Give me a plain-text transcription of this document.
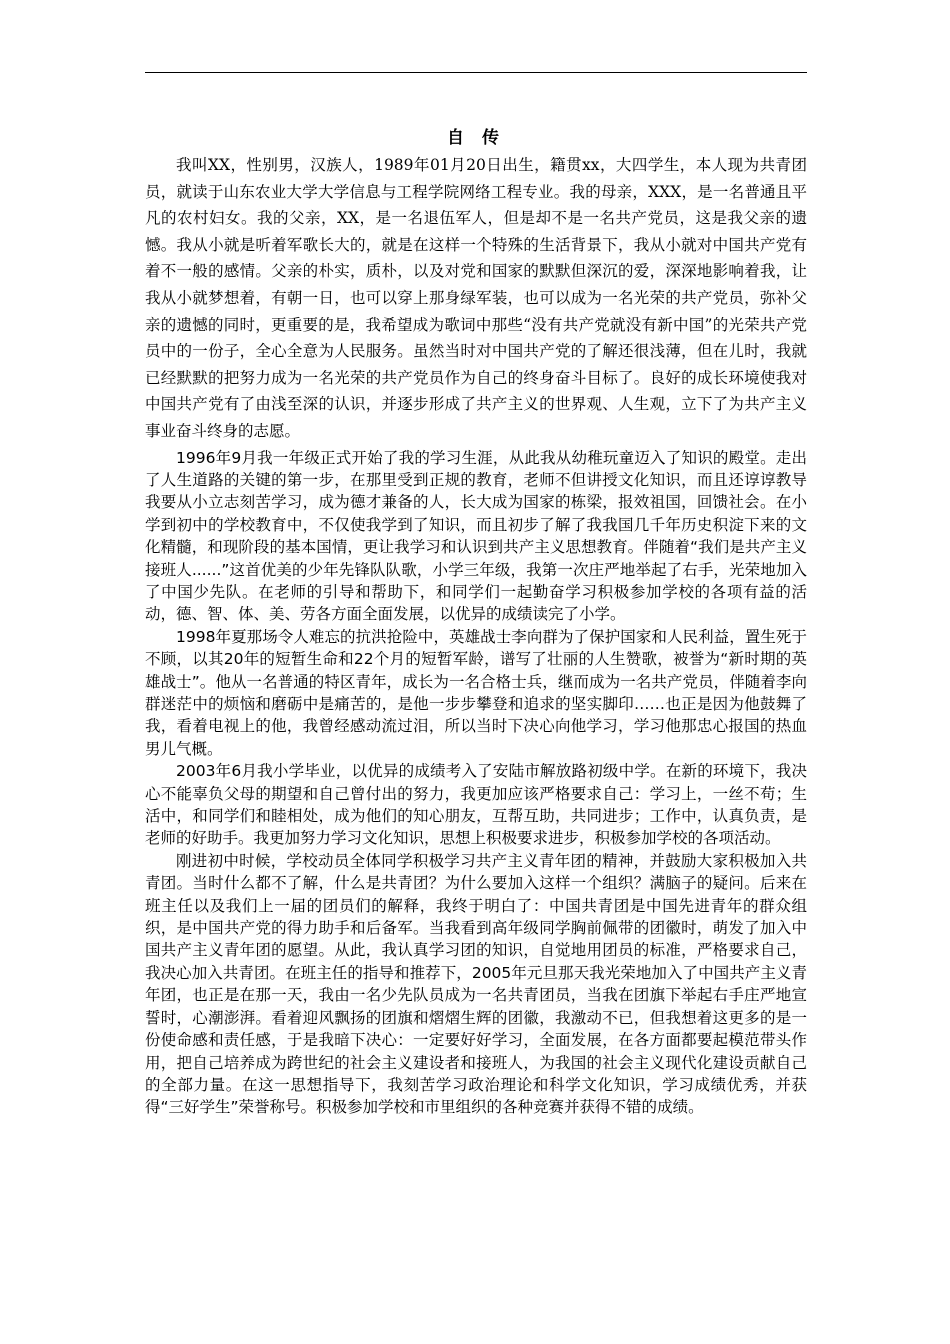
自 传

我叫XX，性别男，汉族人，1989年01月20日出生，籍贯xx，大四学生，本人现为共青团员，就读于山东农业大学大学信息与工程学院网络工程专业。我的母亲，XXX，是一名普通且平凡的农村妇女。我的父亲，XX，是一名退伍军人，但是却不是一名共产党员，这是我父亲的遗憾。我从小就是听着军歌长大的，就是在这样一个特殊的生活背景下，我从小就对中国共产党有着不一般的感情。父亲的朴实，质朴，以及对党和国家的默默但深沉的爱，深深地影响着我，让我从小就梦想着，有朝一日，也可以穿上那身绿军装，也可以成为一名光荣的共产党员，弥补父亲的遗憾的同时，更重要的是，我希望成为歌词中那些“没有共产党就没有新中国”的光荣共产党员中的一份子，全心全意为人民服务。虽然当时对中国共产党的了解还很浅薄，但在儿时，我就已经默默的把努力成为一名光荣的共产党员作为自己的终身奋斗目标了。良好的成长环境使我对中国共产党有了由浅至深的认识，并逐步形成了共产主义的世界观、人生观，立下了为共产主义事业奋斗终身的志愿。

1996年9月我一年级正式开始了我的学习生涯，从此我从幼稚玩童迈入了知识的殿堂。走出了人生道路的关键的第一步，在那里受到正规的教育，老师不但讲授文化知识，而且还谆谆教导我要从小立志刻苦学习，成为德才兼备的人，长大成为国家的栋梁，报效祖国，回馈社会。在小学到初中的学校教育中，不仅使我学到了知识，而且初步了解了我我国几千年历史积淀下来的文化精髓，和现阶段的基本国情，更让我学习和认识到共产主义思想教育。伴随着“我们是共产主义接班人......”这首优美的少年先锋队队歌，小学三年级，我第一次庄严地举起了右手，光荣地加入了中国少先队。在老师的引导和帮助下，和同学们一起勤奋学习积极参加学校的各项有益的活动，德、智、体、美、劳各方面全面发展，以优异的成绩读完了小学。

1998年夏那场令人难忘的抗洪抢险中，英雄战士李向群为了保护国家和人民利益，置生死于不顾，以其20年的短暂生命和22个月的短暂军龄，谱写了壮丽的人生赞歌，被誉为“新时期的英雄战士”。他从一名普通的特区青年，成长为一名合格士兵，继而成为一名共产党员，伴随着李向群迷茫中的烦恼和磨砺中是痛苦的，是他一步步攀登和追求的坚实脚印……也正是因为他鼓舞了我，看着电视上的他，我曾经感动流过泪，所以当时下决心向他学习，学习他那忠心报国的热血男儿气概。

2003年6月我小学毕业，以优异的成绩考入了安陆市解放路初级中学。在新的环境下，我决心不能辜负父母的期望和自己曾付出的努力，我更加应该严格要求自己：学习上，一丝不苟；生活中，和同学们和睦相处，成为他们的知心朋友，互帮互助，共同进步；工作中，认真负责，是老师的好助手。我更加努力学习文化知识，思想上积极要求进步，积极参加学校的各项活动。

刚进初中时候，学校动员全体同学积极学习共产主义青年团的精神，并鼓励大家积极加入共青团。当时什么都不了解，什么是共青团？为什么要加入这样一个组织？满脑子的疑问。后来在班主任以及我们上一届的团员们的解释，我终于明白了：中国共青团是中国先进青年的群众组织，是中国共产党的得力助手和后备军。当我看到高年级同学胸前佩带的团徽时，萌发了加入中国共产主义青年团的愿望。从此，我认真学习团的知识，自觉地用团员的标准，严格要求自己，我决心加入共青团。在班主任的指导和推荐下，2005年元旦那天我光荣地加入了中国共产主义青年团，也正是在那一天，我由一名少先队员成为一名共青团员，当我在团旗下举起右手庄严地宣誓时，心潮澎湃。看着迎风飘扬的团旗和熠熠生辉的团徽，我激动不已，但我想着这更多的是一份使命感和责任感，于是我暗下决心：一定要好好学习，全面发展，在各方面都要起模范带头作用，把自己培养成为跨世纪的社会主义建设者和接班人，为我国的社会主义现代化建设贡献自己的全部力量。在这一思想指导下，我刻苦学习政治理论和科学文化知识，学习成绩优秀，并获得“三好学生”荣誉称号。积极参加学校和市里组织的各种竞赛并获得不错的成绩。
